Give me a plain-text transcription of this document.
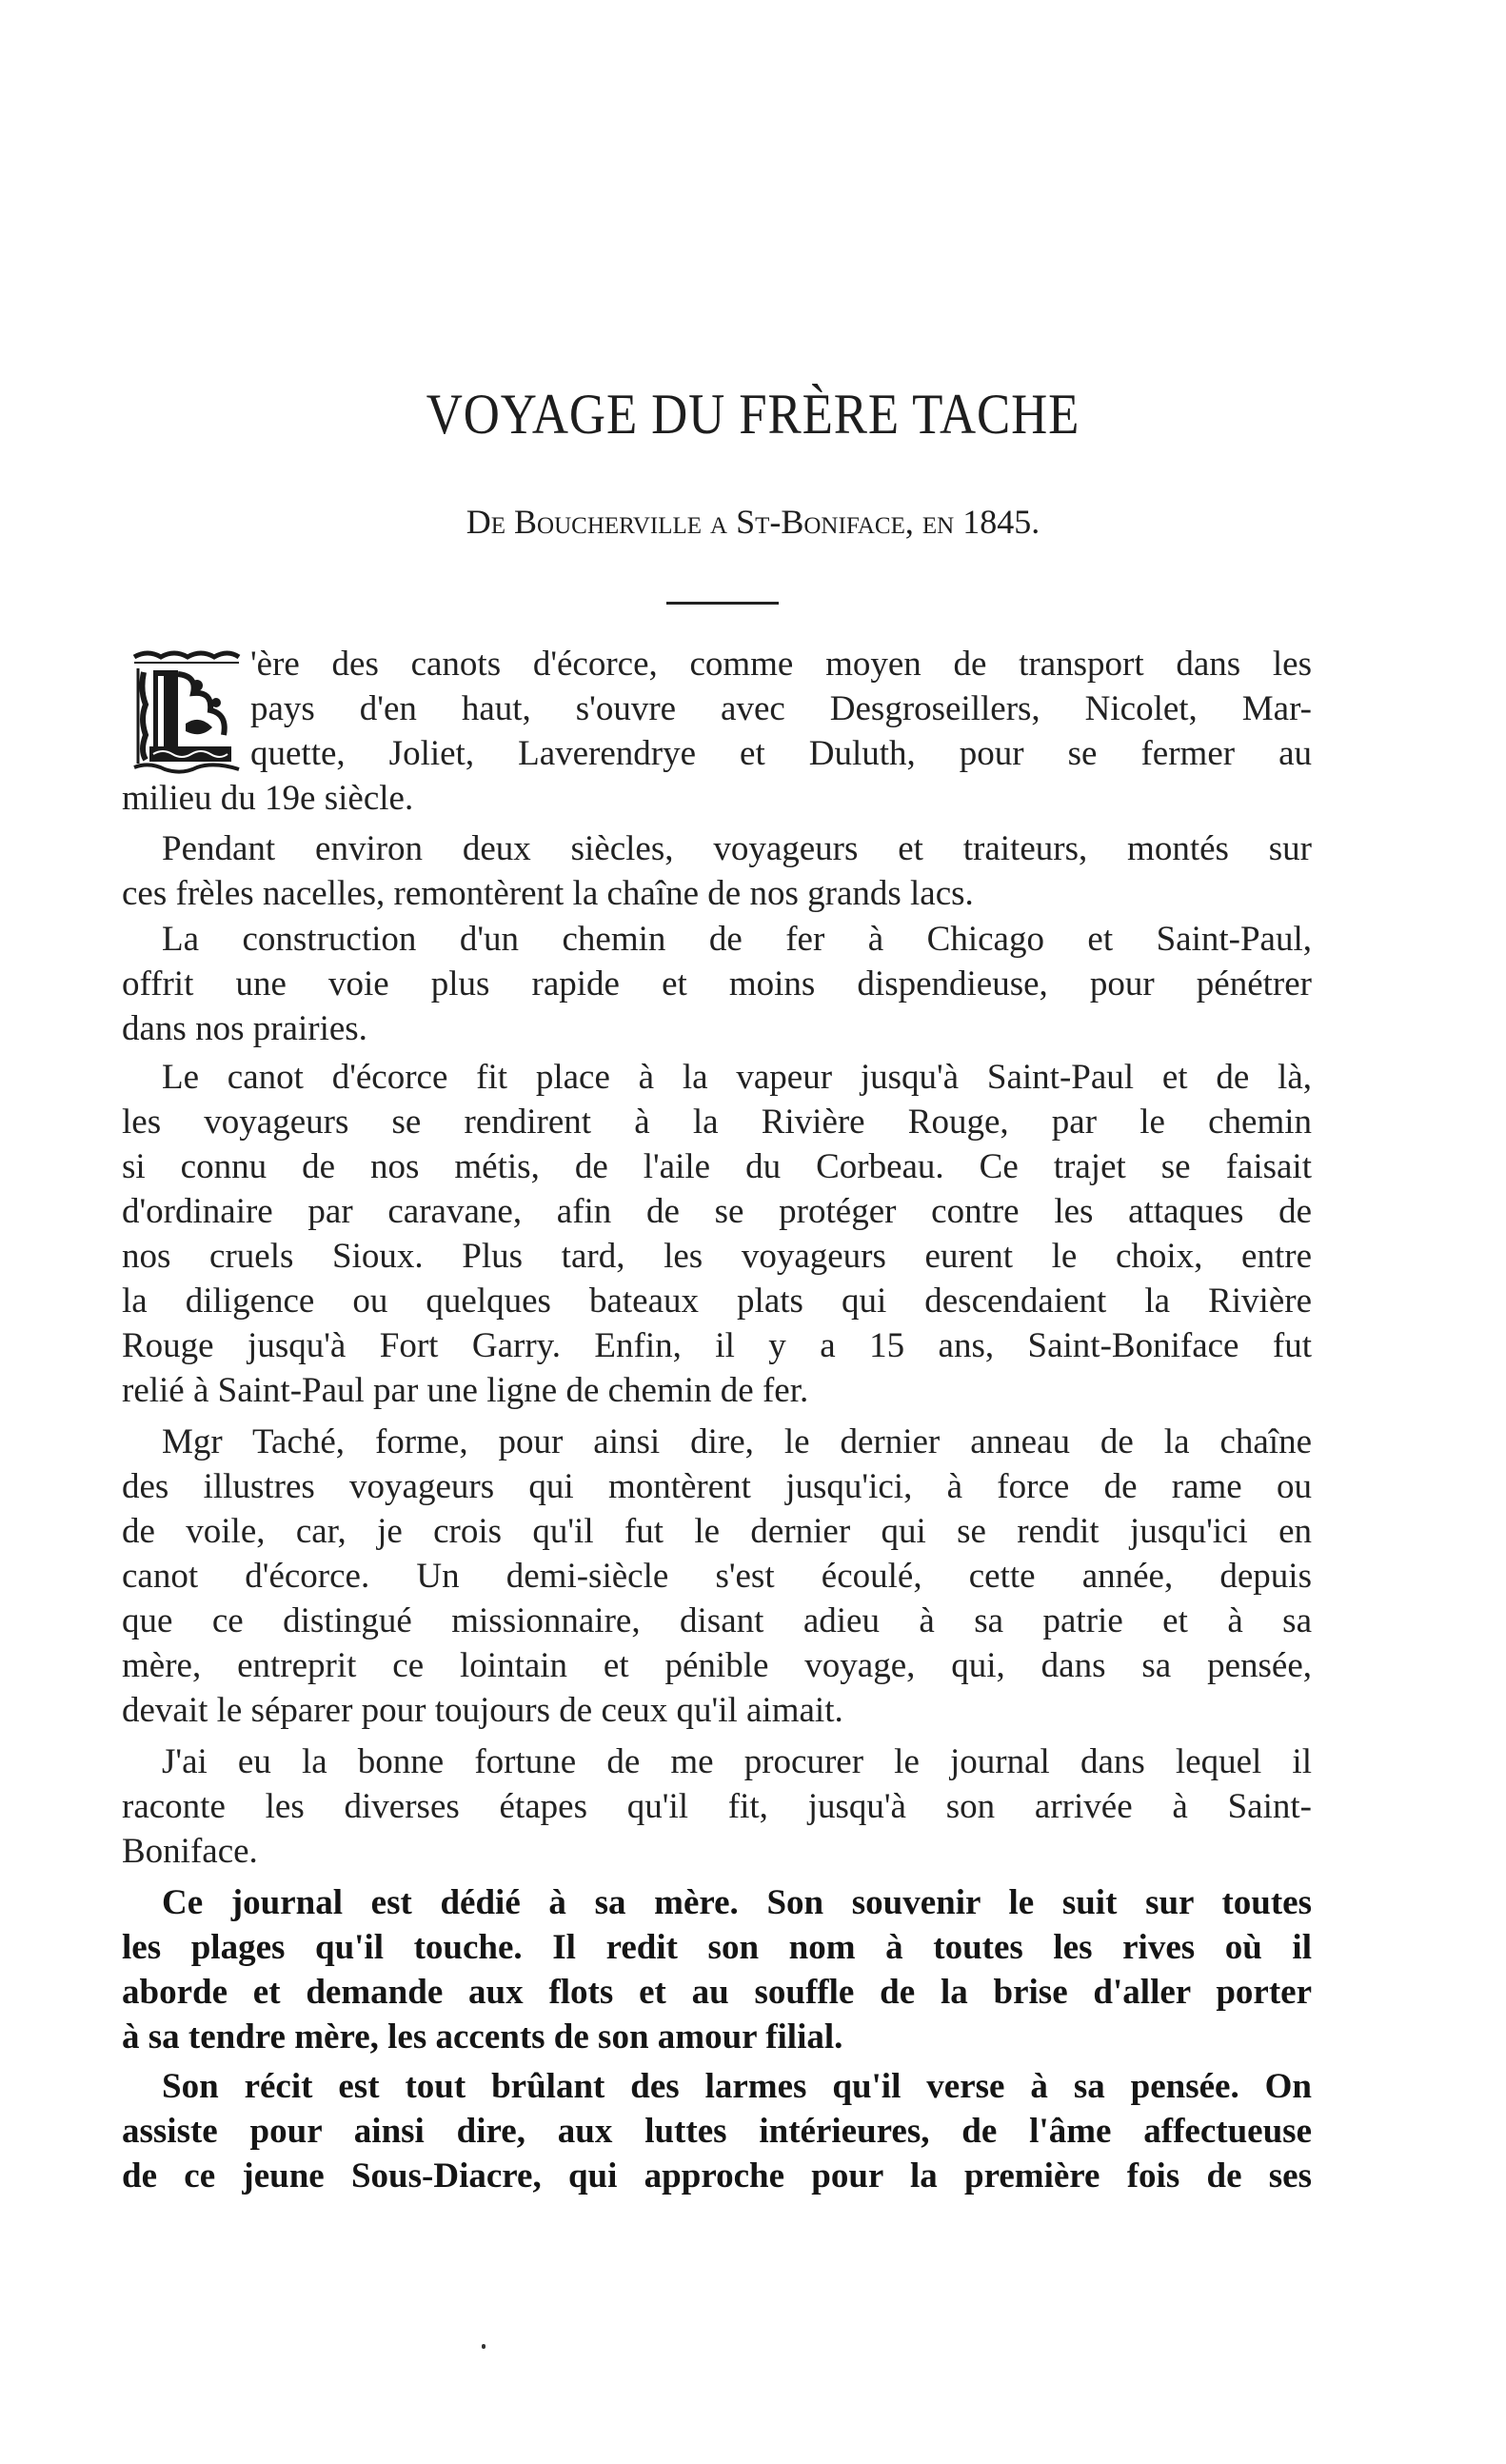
VOYAGE DU FRÈRE TACHE
De Boucherville a St-Boniface, en 1845.
'ère des canots d'écorce, comme moyen de transport dans les
pays d'en haut, s'ouvre avec Desgroseillers, Nicolet, Mar-
quette, Joliet, Laverendrye et Duluth, pour se fermer au
milieu du 19e siècle.
Pendant environ deux siècles, voyageurs et traiteurs, montés sur
ces frèles nacelles, remontèrent la chaîne de nos grands lacs.
La construction d'un chemin de fer à Chicago et Saint-Paul,
offrit une voie plus rapide et moins dispendieuse, pour pénétrer
dans nos prairies.
Le canot d'écorce fit place à la vapeur jusqu'à Saint-Paul et de là,
les voyageurs se rendirent à la Rivière Rouge, par le chemin
si connu de nos métis, de l'aile du Corbeau. Ce trajet se faisait
d'ordinaire par caravane, afin de se protéger contre les attaques de
nos cruels Sioux. Plus tard, les voyageurs eurent le choix, entre
la diligence ou quelques bateaux plats qui descendaient la Rivière
Rouge jusqu'à Fort Garry. Enfin, il y a 15 ans, Saint-Boniface fut
relié à Saint-Paul par une ligne de chemin de fer.
Mgr Taché, forme, pour ainsi dire, le dernier anneau de la chaîne
des illustres voyageurs qui montèrent jusqu'ici, à force de rame ou
de voile, car, je crois qu'il fut le dernier qui se rendit jusqu'ici en
canot d'écorce. Un demi-siècle s'est écoulé, cette année, depuis
que ce distingué missionnaire, disant adieu à sa patrie et à sa
mère, entreprit ce lointain et pénible voyage, qui, dans sa pensée,
devait le séparer pour toujours de ceux qu'il aimait.
J'ai eu la bonne fortune de me procurer le journal dans lequel il
raconte les diverses étapes qu'il fit, jusqu'à son arrivée à Saint-
Boniface.
Ce journal est dédié à sa mère. Son souvenir le suit sur toutes
les plages qu'il touche. Il redit son nom à toutes les rives où il
aborde et demande aux flots et au souffle de la brise d'aller porter
à sa tendre mère, les accents de son amour filial.
Son récit est tout brûlant des larmes qu'il verse à sa pensée. On
assiste pour ainsi dire, aux luttes intérieures, de l'âme affectueuse
de ce jeune Sous-Diacre, qui approche pour la première fois de ses
